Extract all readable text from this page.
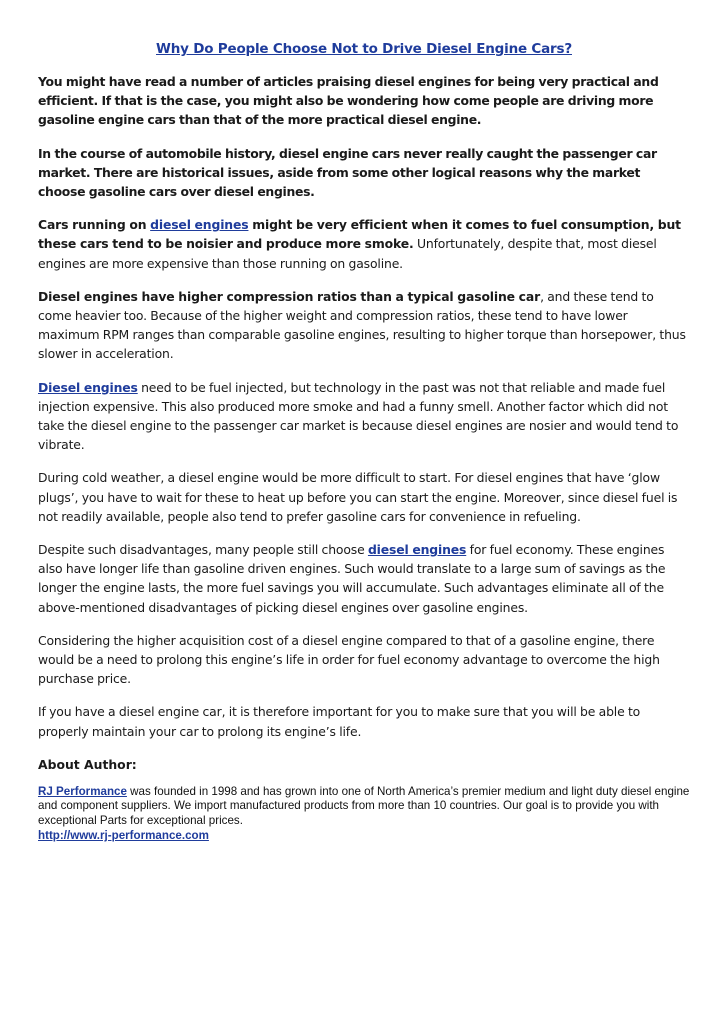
Why Do People Choose Not to Drive Diesel Engine Cars?

You might have read a number of articles praising diesel engines for being very practical and efficient. If that is the case, you might also be wondering how come people are driving more gasoline engine cars than that of the more practical diesel engine.

In the course of automobile history, diesel engine cars never really caught the passenger car market. There are historical issues, aside from some other logical reasons why the market choose gasoline cars over diesel engines.

Cars running on diesel engines might be very efficient when it comes to fuel consumption, but these cars tend to be noisier and produce more smoke. Unfortunately, despite that, most diesel engines are more expensive than those running on gasoline.

Diesel engines have higher compression ratios than a typical gasoline car, and these tend to come heavier too. Because of the higher weight and compression ratios, these tend to have lower maximum RPM ranges than comparable gasoline engines, resulting to higher torque than horsepower, thus slower in acceleration.

Diesel engines need to be fuel injected, but technology in the past was not that reliable and made fuel injection expensive. This also produced more smoke and had a funny smell. Another factor which did not take the diesel engine to the passenger car market is because diesel engines are nosier and would tend to vibrate.

During cold weather, a diesel engine would be more difficult to start. For diesel engines that have ‘glow plugs’, you have to wait for these to heat up before you can start the engine. Moreover, since diesel fuel is not readily available, people also tend to prefer gasoline cars for convenience in refueling.

Despite such disadvantages, many people still choose diesel engines for fuel economy. These engines also have longer life than gasoline driven engines. Such would translate to a large sum of savings as the longer the engine lasts, the more fuel savings you will accumulate. Such advantages eliminate all of the above-mentioned disadvantages of picking diesel engines over gasoline engines.

Considering the higher acquisition cost of a diesel engine compared to that of a gasoline engine, there would be a need to prolong this engine’s life in order for fuel economy advantage to overcome the high purchase price.

If you have a diesel engine car, it is therefore important for you to make sure that you will be able to properly maintain your car to prolong its engine’s life.

About Author:
RJ Performance was founded in 1998 and has grown into one of North America’s premier medium and light duty diesel engine and component suppliers. We import manufactured products from more than 10 countries. Our goal is to provide you with exceptional Parts for exceptional prices.
http://www.rj-performance.com
